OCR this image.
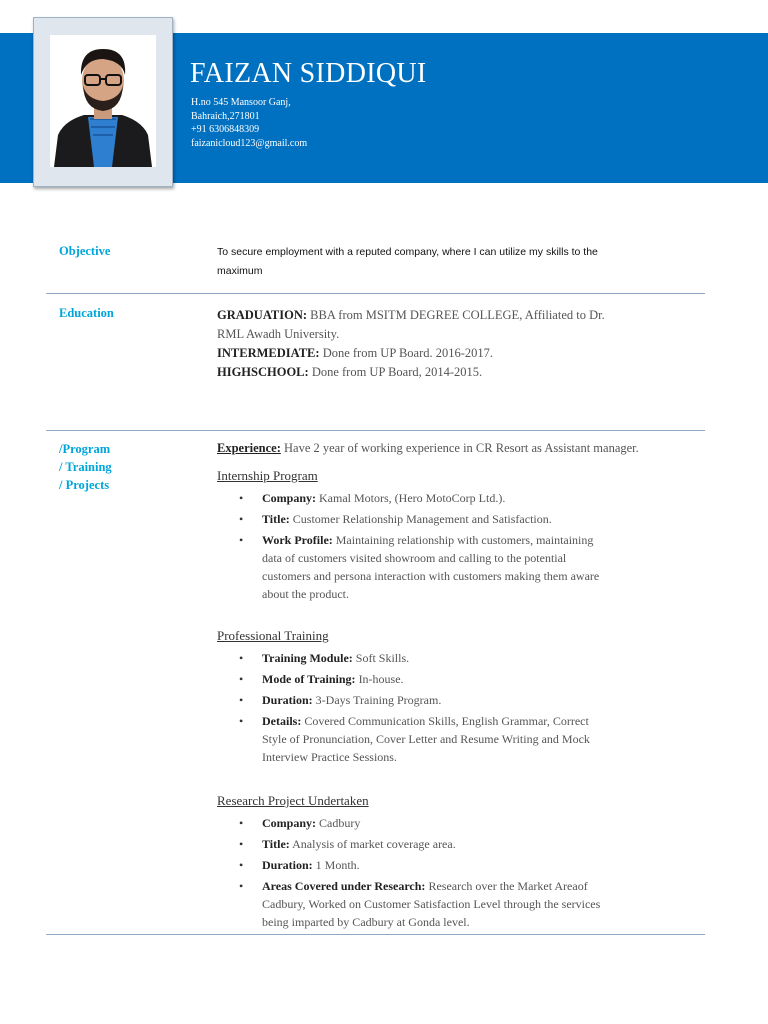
FAIZAN SIDDIQUI
H.no 545 Mansoor Ganj,
Bahraich,271801
+91 6306848309
faizanicloud123@gmail.com
Objective	To secure employment with a reputed company, where I can utilize my skills to the maximum
Education	GRADUATION: BBA from MSITM DEGREE COLLEGE, Affiliated to Dr. RML Awadh University.
INTERMEDIATE: Done from UP Board. 2016-2017.
HIGHSCHOOL: Done from UP Board, 2014-2015.
/Program
/ Training
/ Projects
Experience: Have 2 year of working experience in CR Resort as Assistant manager.
Internship Program
• Company: Kamal Motors, (Hero MotoCorp Ltd.).
• Title: Customer Relationship Management and Satisfaction.
• Work Profile: Maintaining relationship with customers, maintaining data of customers visited showroom and calling to the potential customers and persona interaction with customers making them aware about the product.
Professional Training
• Training Module: Soft Skills.
• Mode of Training: In-house.
• Duration: 3-Days Training Program.
• Details: Covered Communication Skills, English Grammar, Correct Style of Pronunciation, Cover Letter and Resume Writing and Mock Interview Practice Sessions.
Research Project Undertaken
• Company: Cadbury
• Title: Analysis of market coverage area.
• Duration: 1 Month.
• Areas Covered under Research: Research over the Market Areaof Cadbury, Worked on Customer Satisfaction Level through the services being imparted by Cadbury at Gonda level.
